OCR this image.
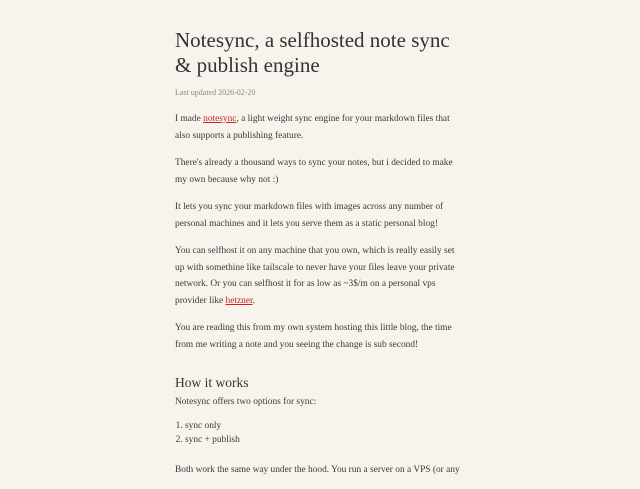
Notesync, a selfhosted note sync & publish engine
Last updated 2026-02-20

I made notesync, a light weight sync engine for your markdown files that also supports a publishing feature.

There's already a thousand ways to sync your notes, but i decided to make my own because why not :)

It lets you sync your markdown files with images across any number of personal machines and it lets you serve them as a static personal blog!

You can selfhost it on any machine that you own, which is really easily set up with somethine like tailscale to never have your files leave your private network. Or you can selfhost it for as low as ~3$/m on a personal vps provider like hetzner.

You are reading this from my own system hosting this little blog, the time from me writing a note and you seeing the change is sub second!

How it works

Notesync offers two options for sync:

1. sync only
2. sync + publish

Both work the same way under the hood. You run a server on a VPS (or any
